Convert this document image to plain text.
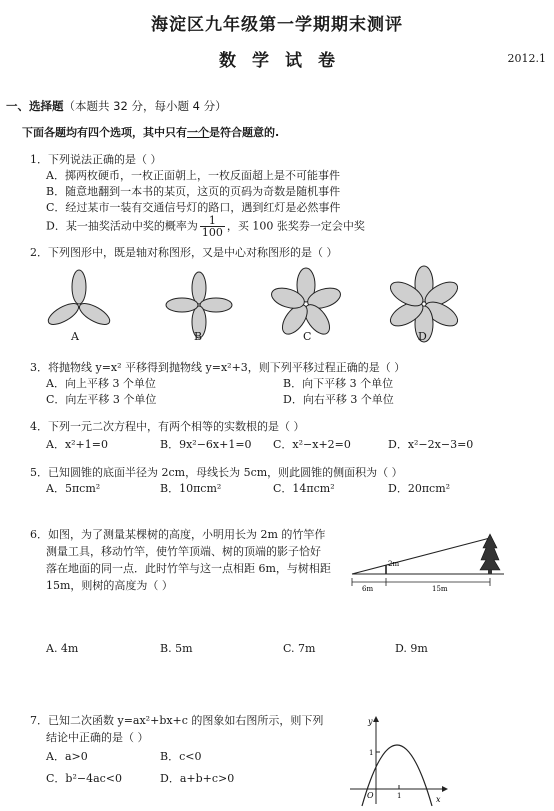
海淀区九年级第一学期期末测评
数学试卷	2012.1
一、选择题（本题共 32 分，每小题 4 分）
下面各题均有四个选项，其中只有一个是符合题意的.
1．下列说法正确的是（ ）
A．掷两枚硬币，一枚正面朝上，一枚反面超上是不可能事件
B．随意地翻到一本书的某页，这页的页码为奇数是随机事件
C．经过某市一装有交通信号灯的路口，遇到红灯是必然事件
D．某一抽奖活动中奖的概率为 $\frac{1}{100}$ ，买 100 张奖券一定会中奖
2．下列图形中，既是轴对称图形，又是中心对称图形的是（ ）
A	B	C	D
3．将抛物线 y=x² 平移得到抛物线 y=x²+3，则下列平移过程正确的是（ ）
A．向上平移 3 个单位	B．向下平移 3 个单位
C．向左平移 3 个单位	D．向右平移 3 个单位
4．下列一元二次方程中，有两个相等的实数根的是（ ）
A．x²+1=0	B．9x²−6x+1=0 C．x²−x+2=0	D．x²−2x−3=0
5．已知圆锥的底面半径为 2cm，母线长为 5cm，则此圆锥的侧面积为（ ）
A．5πcm²	B．10πcm²	C．14πcm²	D．20πcm²
6．如图，为了测量某棵树的高度，小明用长为 2m 的竹竿作
测量工具，移动竹竿，使竹竿顶端、树的顶端的影子恰好
落在地面的同一点．此时竹竿与这一点相距 6m，与树相距
15m，则树的高度为（ ）
2m
6m	15m
A. 4m	B. 5m	C. 7m	D. 9m
7．已知二次函数 y=ax²+bx+c 的图象如右图所示，则下列
结论中正确的是（ ）
A．a>0	B．c<0
C．b²−4ac<0	D．a+b+c>0
y
x
O	1
1
